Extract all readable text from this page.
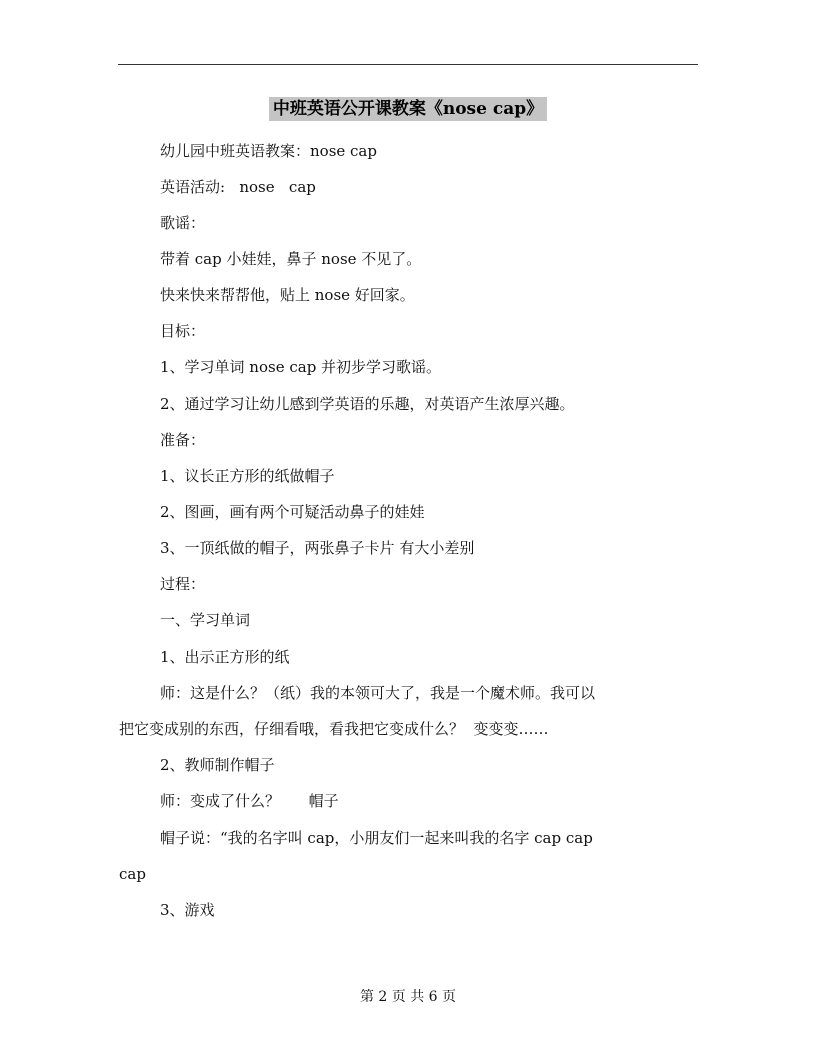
中班英语公开课教案《nose cap》
幼儿园中班英语教案：nose cap
英语活动:   nose   cap
歌谣：
带着 cap 小娃娃，鼻子 nose 不见了。
快来快来帮帮他，贴上 nose 好回家。
目标：
1、学习单词 nose cap 并初步学习歌谣。
2、通过学习让幼儿感到学英语的乐趣，对英语产生浓厚兴趣。
准备：
1、议长正方形的纸做帽子
2、图画，画有两个可疑活动鼻子的娃娃
3、一顶纸做的帽子，两张鼻子卡片 有大小差别
过程：
一、学习单词
1、出示正方形的纸
师：这是什么？（纸）我的本领可大了，我是一个魔术师。我可以
把它变成别的东西，仔细看哦，看我把它变成什么？  变变变……
2、教师制作帽子
师：变成了什么？      帽子
帽子说：“我的名字叫 cap，小朋友们一起来叫我的名字 cap cap
cap
3、游戏
第 2 页 共 6 页
